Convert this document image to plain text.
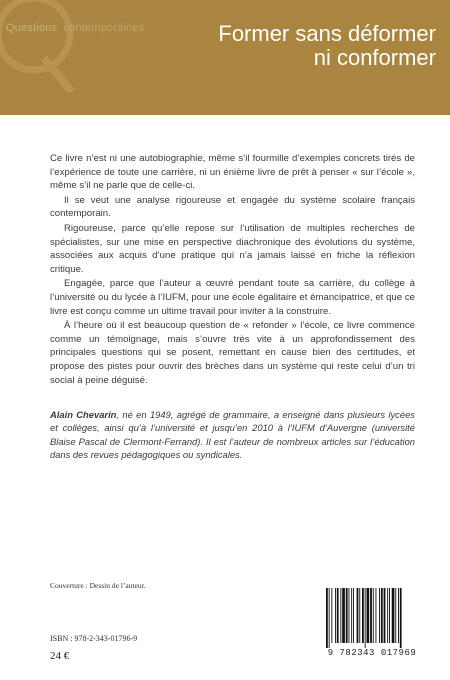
Questions contemporaines	Former sans déformer
ni conformer

Ce livre n’est ni une autobiographie, même s’il fourmille d’exemples concrets tirés de l’expérience de toute une carrière, ni un énième livre de prêt à penser « sur l’école », même s’il ne parle que de celle-ci.

Il se veut une analyse rigoureuse et engagée du système scolaire français contemporain.

Rigoureuse, parce qu’elle repose sur l’utilisation de multiples recherches de spécialistes, sur une mise en perspective diachronique des évolutions du système, associées aux acquis d’une pratique qui n’a jamais laissé en friche la réflexion critique.

Engagée, parce que l’auteur a œuvré pendant toute sa carrière, du collège à l’université ou du lycée à l’IUFM, pour une école égalitaire et émancipatrice, et que ce livre est conçu comme un ultime travail pour inviter à la construire.

À l’heure où il est beaucoup question de « refonder » l’école, ce livre commence comme un témoignage, mais s’ouvre très vite à un approfondissement des principales questions qui se posent, remettant en cause bien des certitudes, et propose des pistes pour ouvrir des brèches dans un système qui reste celui d’un tri social à peine déguisé.

Alain Chevarin, né en 1949, agrégé de grammaire, a enseigné dans plusieurs lycées et collèges, ainsi qu’à l’université et jusqu’en 2010 à l’IUFM d’Auvergne (université Blaise Pascal de Clermont-Ferrand). Il est l’auteur de nombreux articles sur l’éducation dans des revues pédagogiques ou syndicales.
Couverture : Dessin de l’auteur.
ISBN : 978-2-343-01796-9
24 €	9 782343 017969
